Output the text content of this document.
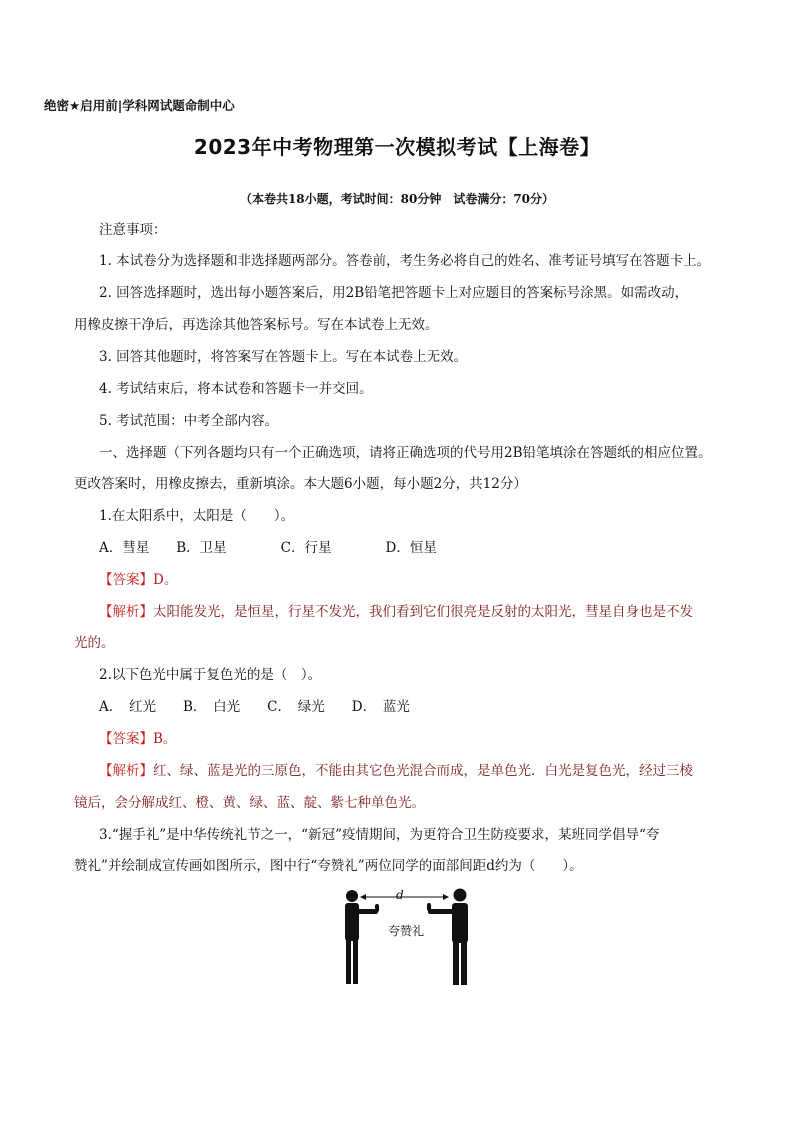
绝密★启用前|学科网试题命制中心
2023年中考物理第一次模拟考试【上海卷】
（本卷共18小题，考试时间：80分钟　试卷满分：70分）
注意事项：
1. 本试卷分为选择题和非选择题两部分。答卷前，考生务必将自己的姓名、准考证号填写在答题卡上。
2. 回答选择题时，选出每小题答案后，用2B铅笔把答题卡上对应题目的答案标号涂黑。如需改动，
用橡皮擦干净后，再选涂其他答案标号。写在本试卷上无效。
3. 回答其他题时，将答案写在答题卡上。写在本试卷上无效。
4. 考试结束后，将本试卷和答题卡一并交回。
5. 考试范围：中考全部内容。
一、选择题（下列各题均只有一个正确选项，请将正确选项的代号用2B铅笔填涂在答题纸的相应位置。
更改答案时，用橡皮擦去，重新填涂。本大题6小题，每小题2分，共12分）
1.在太阳系中，太阳是（　　）。
A．彗星　　B．卫星　　　　C．行星　　　　D．恒星
【答案】D。
【解析】太阳能发光，是恒星，行星不发光，我们看到它们很亮是反射的太阳光，彗星自身也是不发
光的。
2.以下色光中属于复色光的是（　）。
A．　红光　　B．　白光　　C．　绿光　　D．　蓝光
【答案】B。
【解析】红、绿、蓝是光的三原色，不能由其它色光混合而成，是单色光．白光是复色光，经过三棱
镜后，会分解成红、橙、黄、绿、蓝、靛、紫七种单色光。
3.“握手礼”是中华传统礼节之一，“新冠”疫情期间，为更符合卫生防疫要求，某班同学倡导“夸
赞礼”并绘制成宣传画如图所示，图中行“夸赞礼”两位同学的面部间距d约为（　　）。
d
夸赞礼
